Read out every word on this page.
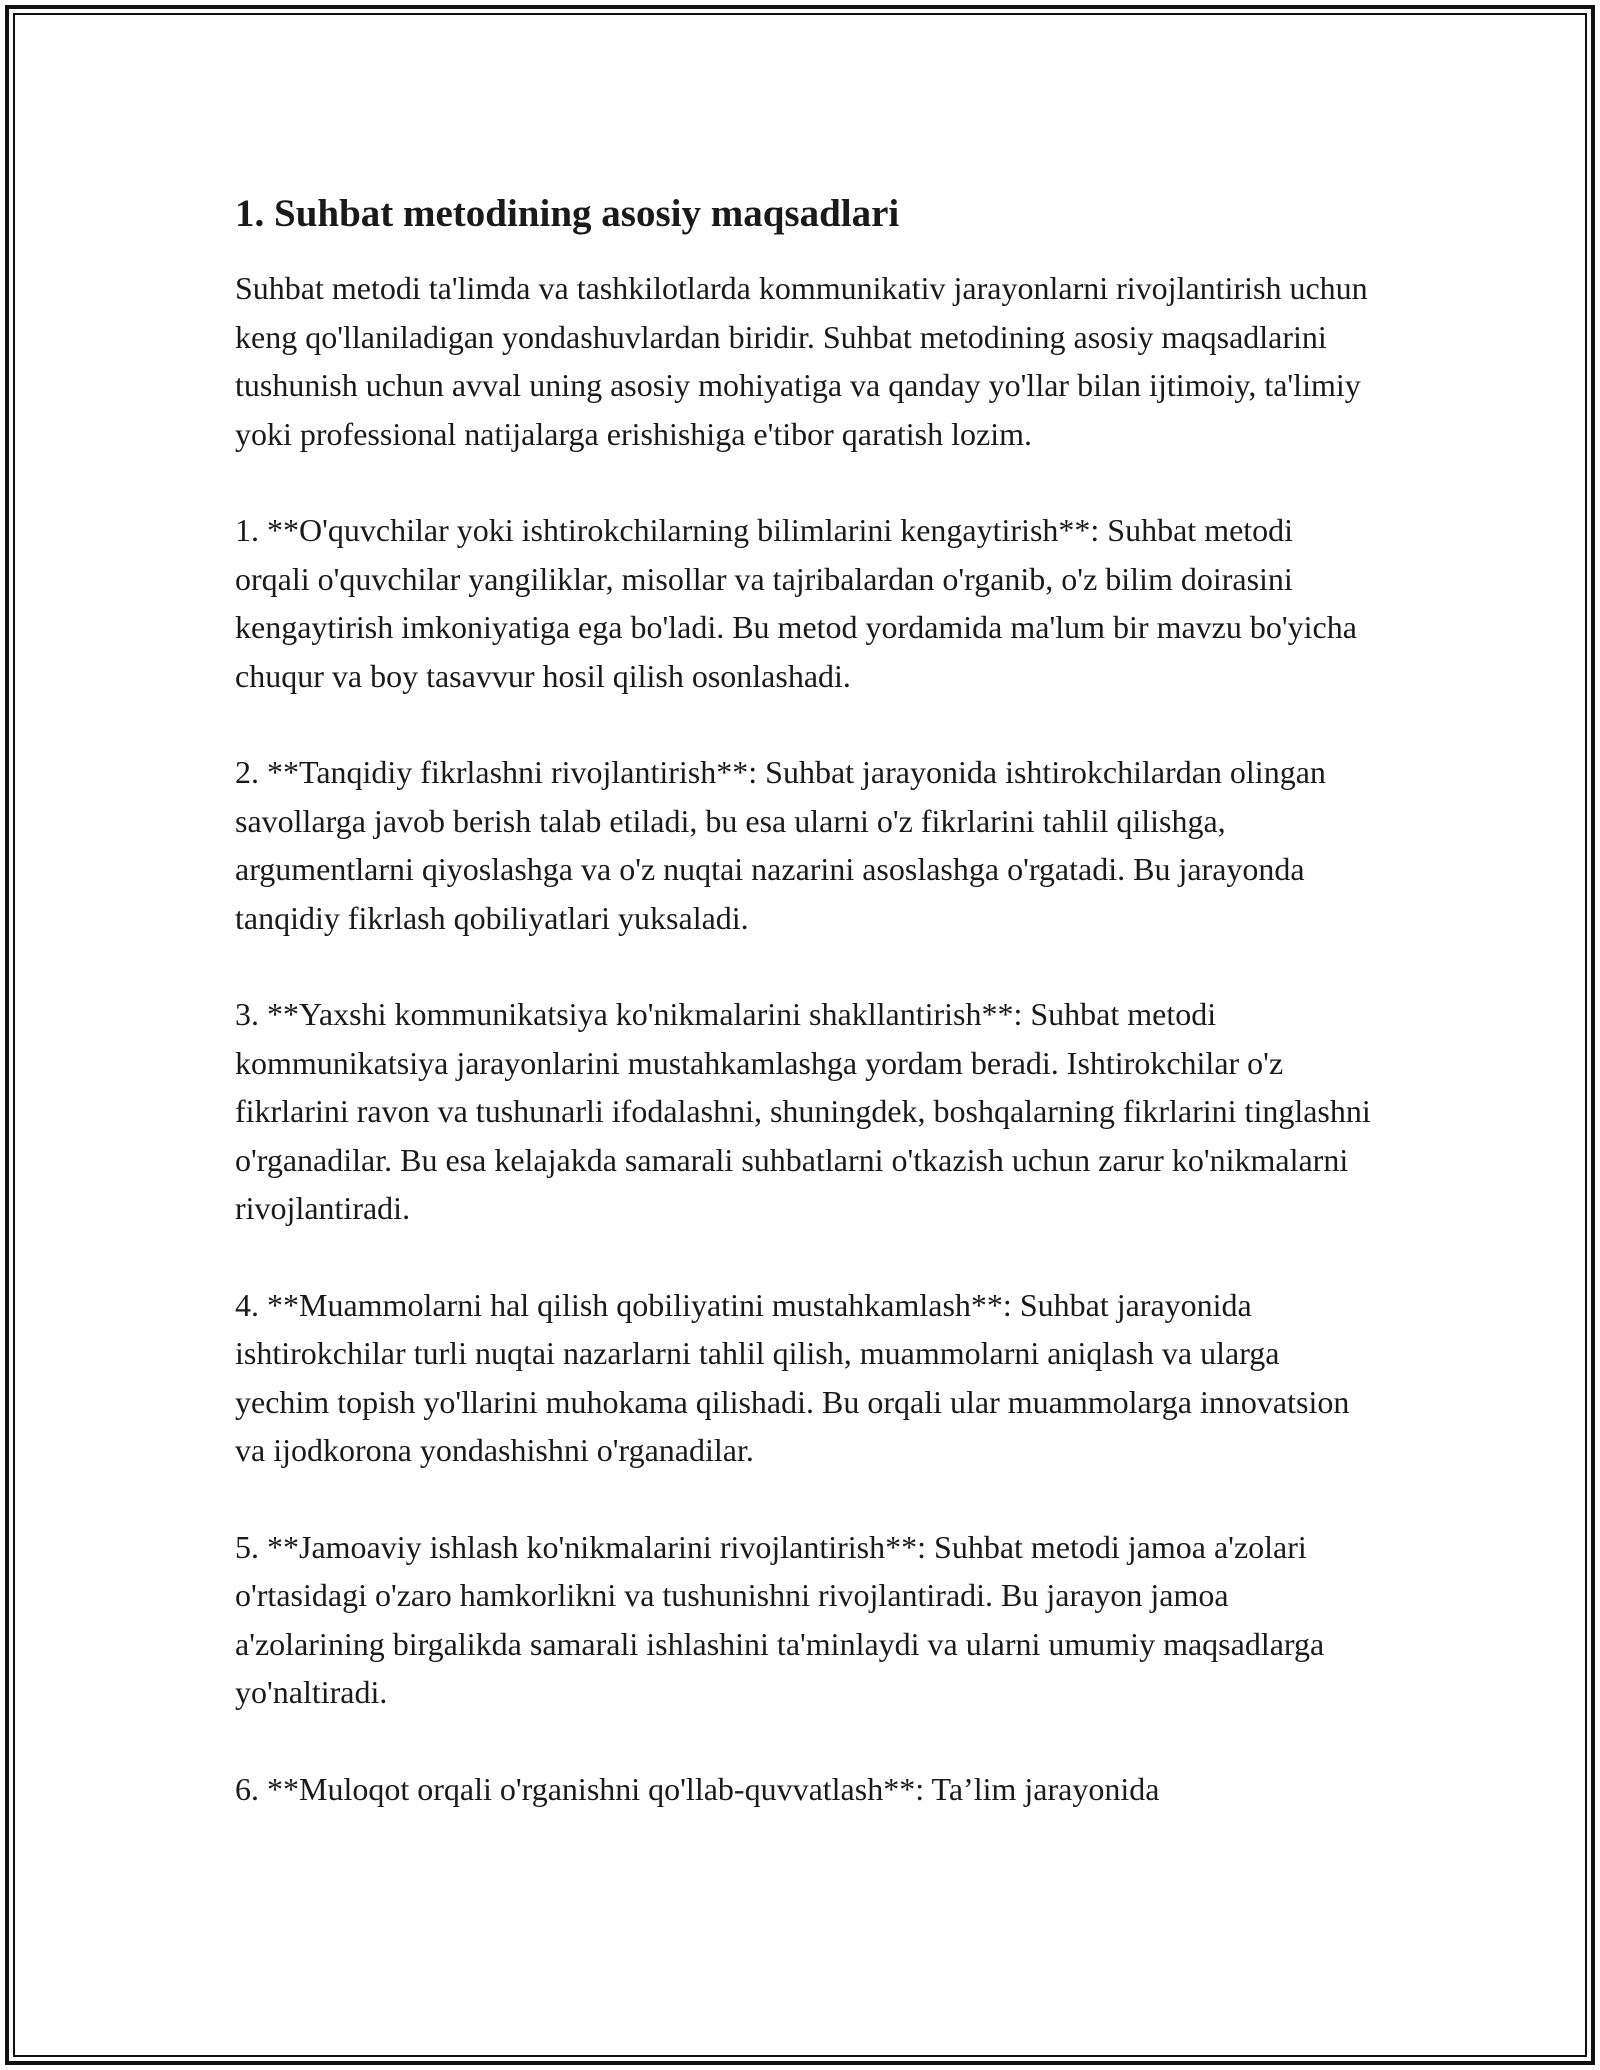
1. Suhbat metodining asosiy maqsadlari

Suhbat metodi ta'limda va tashkilotlarda kommunikativ jarayonlarni rivojlantirish uchun keng qo'llaniladigan yondashuvlardan biridir. Suhbat metodining asosiy maqsadlarini tushunish uchun avval uning asosiy mohiyatiga va qanday yo'llar bilan ijtimoiy, ta'limiy yoki professional natijalarga erishishiga e'tibor qaratish lozim.

1. **O'quvchilar yoki ishtirokchilarning bilimlarini kengaytirish**: Suhbat metodi orqali o'quvchilar yangiliklar, misollar va tajribalardan o'rganib, o'z bilim doirasini kengaytirish imkoniyatiga ega bo'ladi. Bu metod yordamida ma'lum bir mavzu bo'yicha chuqur va boy tasavvur hosil qilish osonlashadi.

2. **Tanqidiy fikrlashni rivojlantirish**: Suhbat jarayonida ishtirokchilardan olingan savollarga javob berish talab etiladi, bu esa ularni o'z fikrlarini tahlil qilishga, argumentlarni qiyoslashga va o'z nuqtai nazarini asoslashga o'rgatadi. Bu jarayonda tanqidiy fikrlash qobiliyatlari yuksaladi.

3. **Yaxshi kommunikatsiya ko'nikmalarini shakllantirish**: Suhbat metodi kommunikatsiya jarayonlarini mustahkamlashga yordam beradi. Ishtirokchilar o'z fikrlarini ravon va tushunarli ifodalashni, shuningdek, boshqalarning fikrlarini tinglashni o'rganadilar. Bu esa kelajakda samarali suhbatlarni o'tkazish uchun zarur ko'nikmalarni rivojlantiradi.

4. **Muammolarni hal qilish qobiliyatini mustahkamlash**: Suhbat jarayonida ishtirokchilar turli nuqtai nazarlarni tahlil qilish, muammolarni aniqlash va ularga yechim topish yo'llarini muhokama qilishadi. Bu orqali ular muammolarga innovatsion va ijodkorona yondashishni o'rganadilar.

5. **Jamoaviy ishlash ko'nikmalarini rivojlantirish**: Suhbat metodi jamoa a'zolari o'rtasidagi o'zaro hamkorlikni va tushunishni rivojlantiradi. Bu jarayon jamoa a'zolarining birgalikda samarali ishlashini ta'minlaydi va ularni umumiy maqsadlarga yo'naltiradi.

6. **Muloqot orqali o'rganishni qo'llab-quvvatlash**: Ta’lim jarayonida
